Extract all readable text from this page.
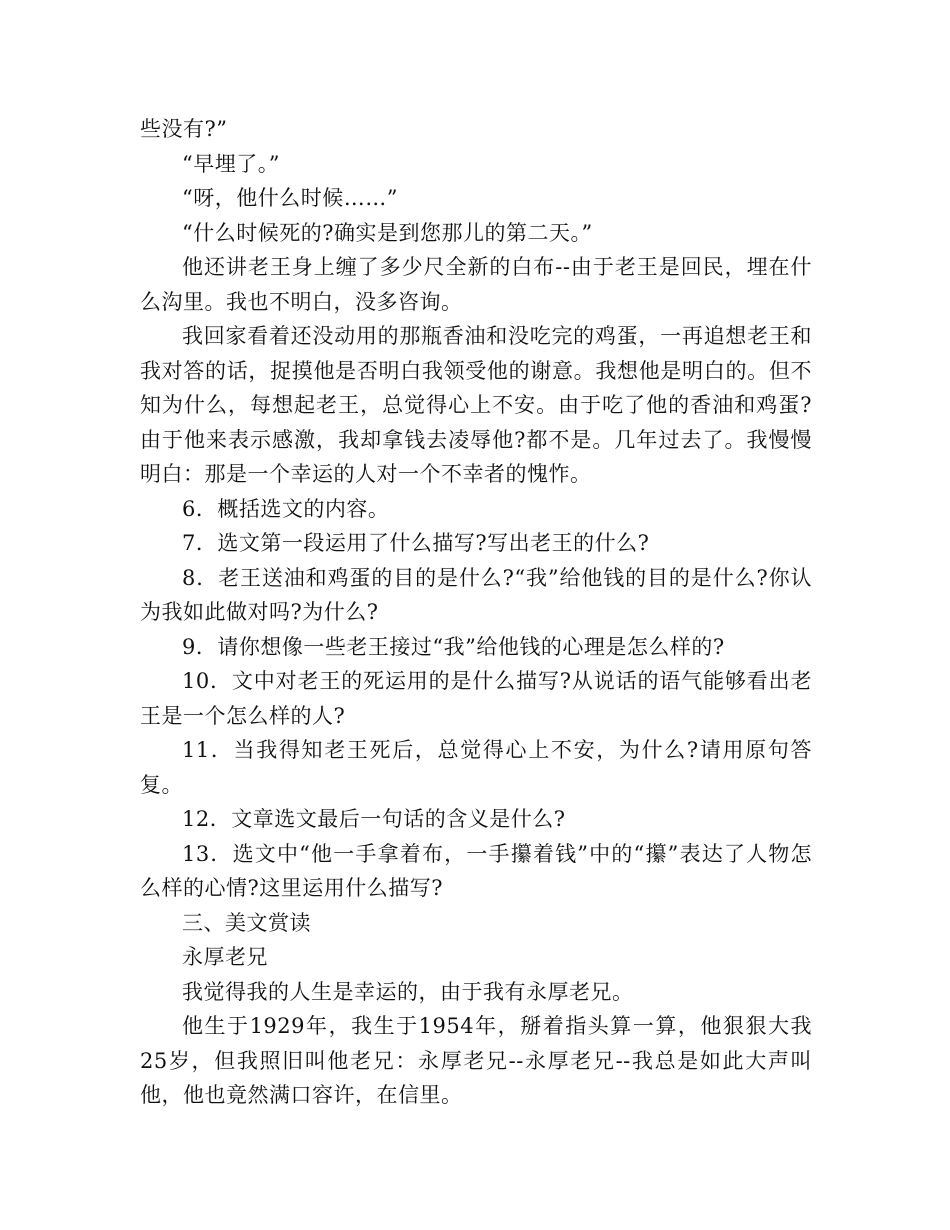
些没有?”

“早埋了。”

“呀，他什么时候……”

“什么时候死的?确实是到您那儿的第二天。”

他还讲老王身上缠了多少尺全新的白布--由于老王是回民，埋在什么沟里。我也不明白，没多咨询。

我回家看着还没动用的那瓶香油和没吃完的鸡蛋，一再追想老王和我对答的话，捉摸他是否明白我领受他的谢意。我想他是明白的。但不知为什么，每想起老王，总觉得心上不安。由于吃了他的香油和鸡蛋?由于他来表示感激，我却拿钱去凌辱他?都不是。几年过去了。我慢慢明白：那是一个幸运的人对一个不幸者的愧怍。

6．概括选文的内容。

7．选文第一段运用了什么描写?写出老王的什么?

8．老王送油和鸡蛋的目的是什么?“我”给他钱的目的是什么?你认为我如此做对吗?为什么?

9．请你想像一些老王接过“我”给他钱的心理是怎么样的?

10．文中对老王的死运用的是什么描写?从说话的语气能够看出老王是一个怎么样的人?

11．当我得知老王死后，总觉得心上不安，为什么?请用原句答复。

12．文章选文最后一句话的含义是什么?

13．选文中“他一手拿着布，一手攥着钱”中的“攥”表达了人物怎么样的心情?这里运用什么描写?

三、美文赏读

永厚老兄

我觉得我的人生是幸运的，由于我有永厚老兄。

他生于1929年，我生于1954年，掰着指头算一算，他狠狠大我25岁，但我照旧叫他老兄：永厚老兄--永厚老兄--我总是如此大声叫他，他也竟然满口容许，在信里。
